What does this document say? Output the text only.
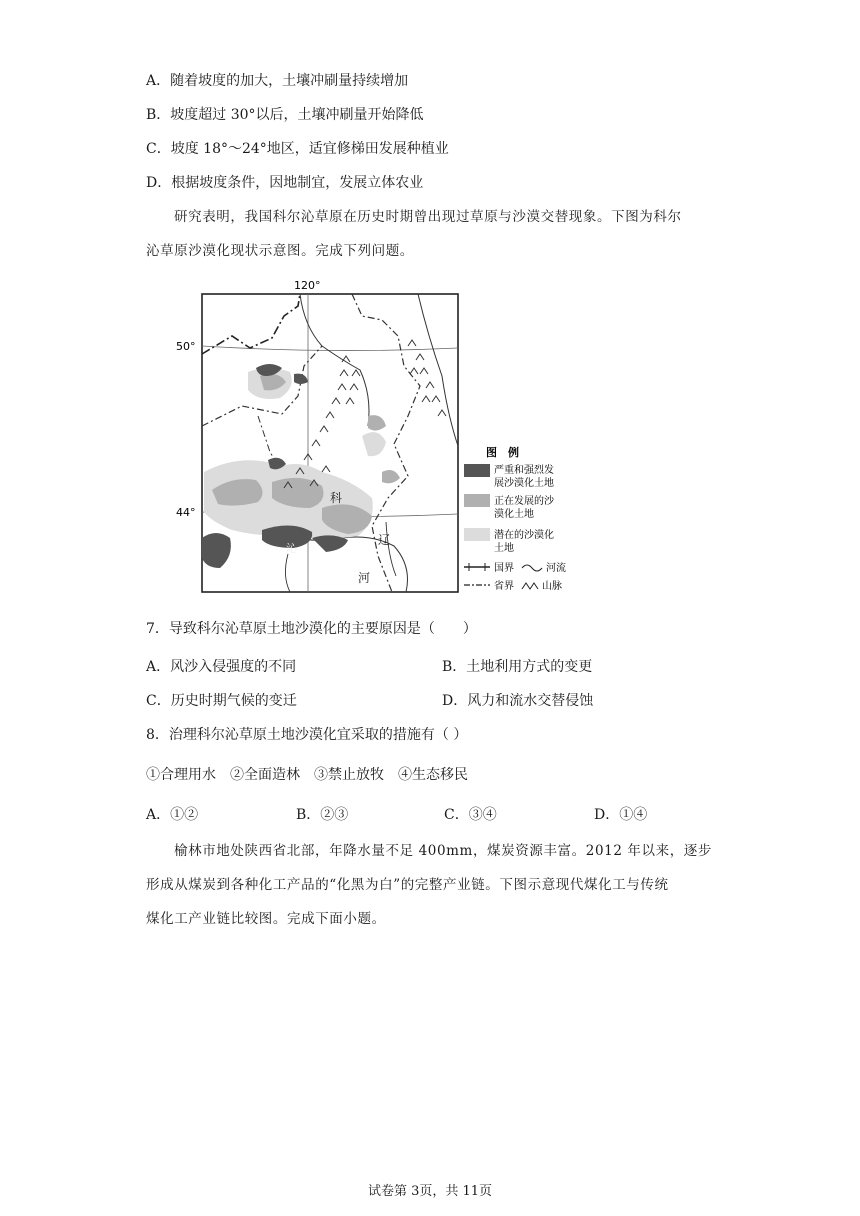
A．随着坡度的加大，土壤冲刷量持续增加
B．坡度超过 30°以后，土壤冲刷量开始降低
C．坡度 18°～24°地区，适宜修梯田发展种植业
D．根据坡度条件，因地制宜，发展立体农业
研究表明，我国科尔沁草原在历史时期曾出现过草原与沙漠交替现象。下图为科尔
沁草原沙漠化现状示意图。完成下列问题。
120°
50°
44°
科
沁
辽
河
图　例
严重和强烈发
展沙漠化土地
正在发展的沙
漠化土地
潜在的沙漠化
土地
国界	河流
省界	山脉
7．导致科尔沁草原土地沙漠化的主要原因是（　　）
A．风沙入侵强度的不同	B．土地利用方式的变更
C．历史时期气候的变迁	D．风力和流水交替侵蚀
8．治理科尔沁草原土地沙漠化宜采取的措施有（ ）
①合理用水　②全面造林　③禁止放牧　④生态移民
A．①②	B．②③	C．③④	D．①④
榆林市地处陕西省北部，年降水量不足 400mm，煤炭资源丰富。2012 年以来，逐步
形成从煤炭到各种化工产品的“化黑为白”的完整产业链。下图示意现代煤化工与传统
煤化工产业链比较图。完成下面小题。
试卷第 3页，共 11页
